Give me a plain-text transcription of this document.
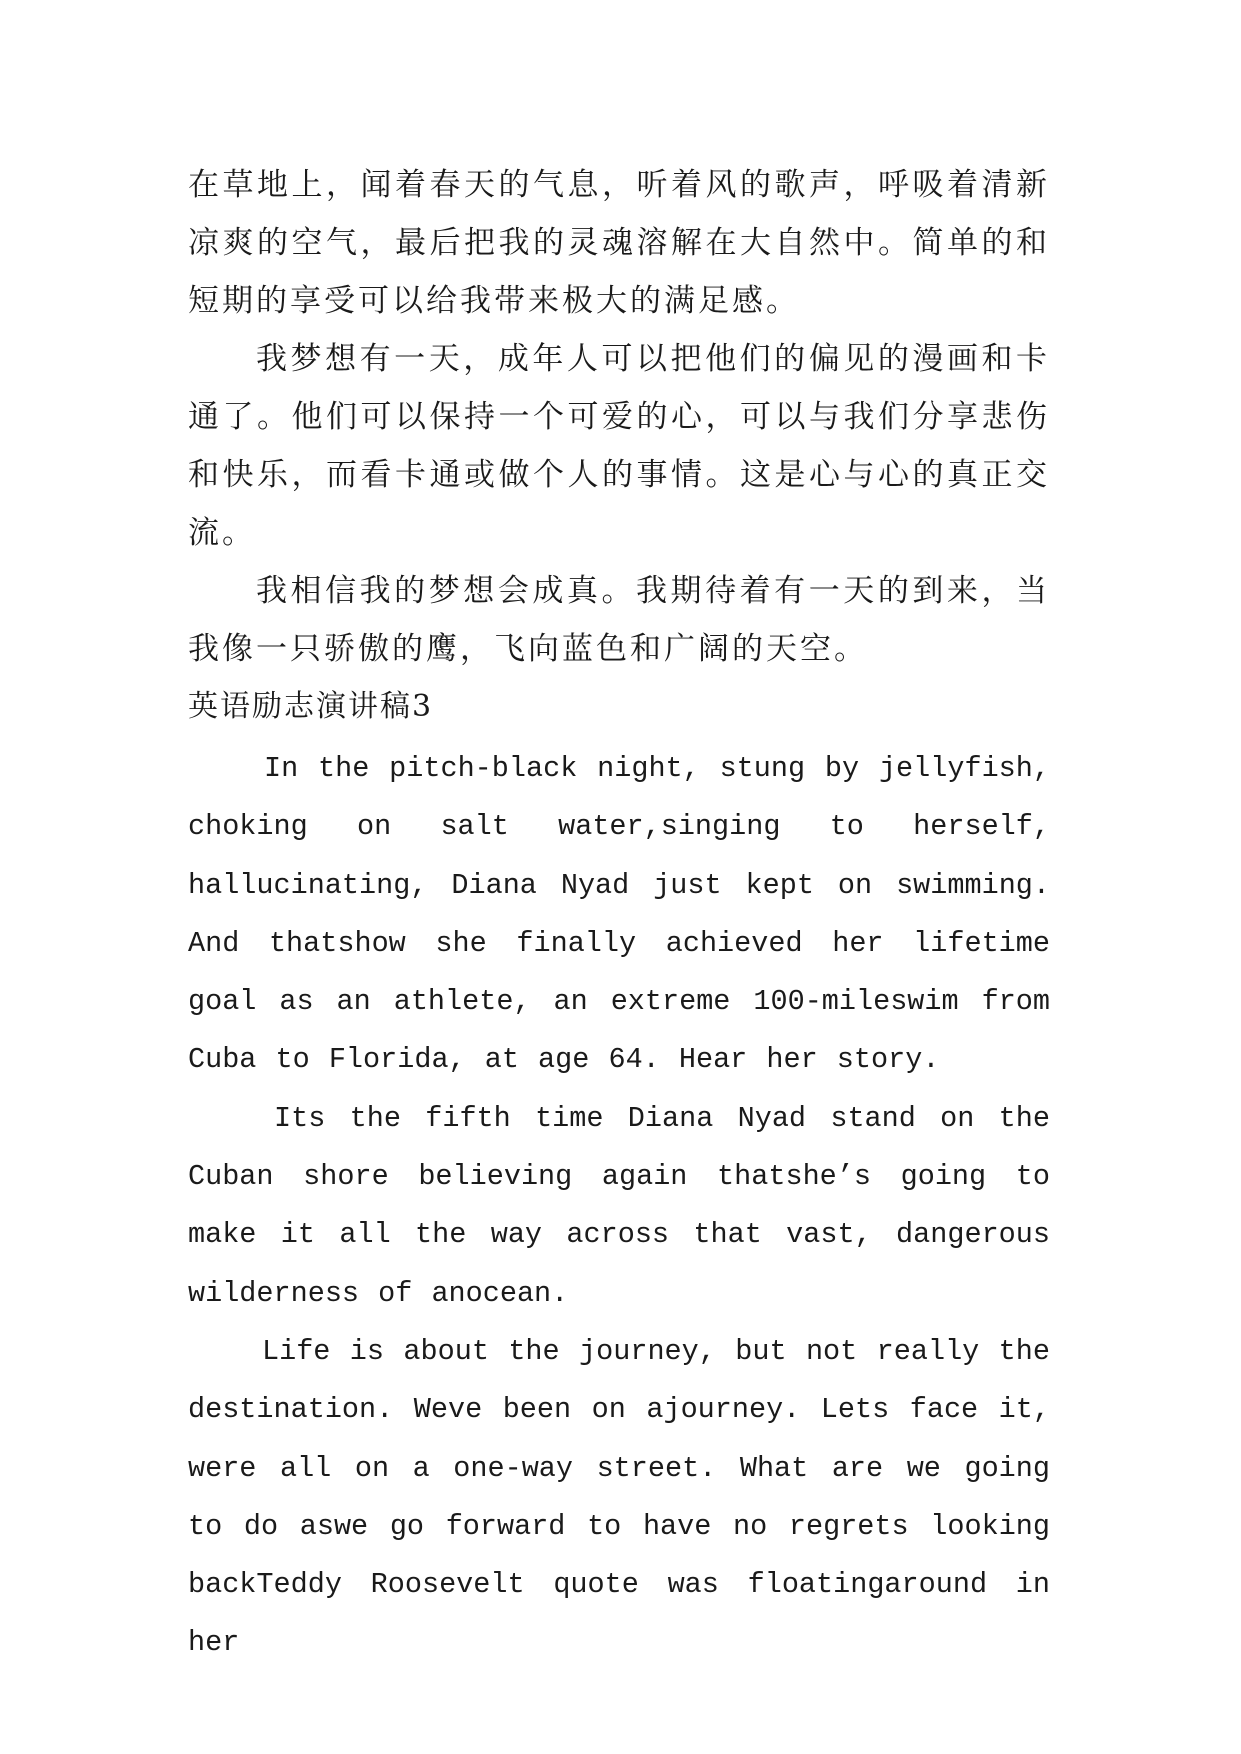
在草地上，闻着春天的气息，听着风的歌声，呼吸着清新凉爽的空气，最后把我的灵魂溶解在大自然中。简单的和短期的享受可以给我带来极大的满足感。

我梦想有一天，成年人可以把他们的偏见的漫画和卡通了。他们可以保持一个可爱的心，可以与我们分享悲伤和快乐，而看卡通或做个人的事情。这是心与心的真正交流。

我相信我的梦想会成真。我期待着有一天的到来，当我像一只骄傲的鹰，飞向蓝色和广阔的天空。

英语励志演讲稿3

In the pitch-black night, stung by jellyfish, choking on salt water,singing to herself, hallucinating, Diana Nyad just kept on swimming. And thatshow she finally achieved her lifetime goal as an athlete, an extreme 100-mileswim from Cuba to Florida, at age 64. Hear her story.

Its the fifth time Diana Nyad stand on the Cuban shore believing again thatshe’s going to make it all the way across that vast, dangerous wilderness of anocean.

Life is about the journey, but not really the destination. Weve been on ajourney. Lets face it, were all on a one-way street. What are we going to do aswe go forward to have no regrets looking backTeddy Roosevelt quote was floatingaround in her
